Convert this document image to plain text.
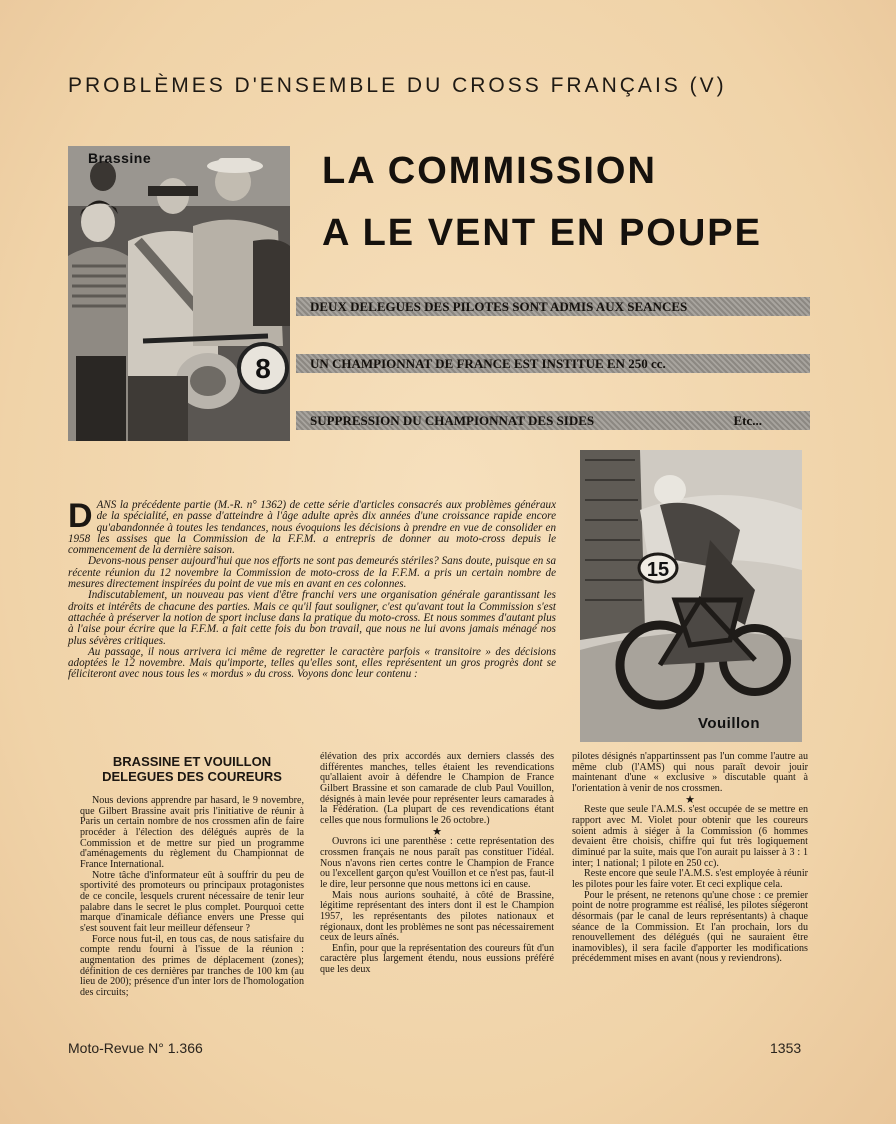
PROBLÈMES D'ENSEMBLE DU CROSS FRANÇAIS (V)
8
Brassine	LA COMMISSION
A LE VENT EN POUPE
DEUX DELEGUES DES PILOTES SONT ADMIS AUX SEANCES
UN CHAMPIONNAT DE FRANCE EST INSTITUE EN 250 cc.
SUPPRESSION DU CHAMPIONNAT DES SIDES	Etc...
15
Vouillon

DANS la précédente partie (M.-R. n° 1362) de cette série d'articles consacrés aux problèmes généraux de la spécialité, en passe d'atteindre à l'âge adulte après dix années d'une croissance rapide encore qu'abandonnée à toutes les tendances, nous évoquions les décisions à prendre en vue de consolider en 1958 les assises que la Commission de la F.F.M. a entrepris de donner au moto-cross depuis le commencement de la dernière saison.

Devons-nous penser aujourd'hui que nos efforts ne sont pas demeurés stériles? Sans doute, puisque en sa récente réunion du 12 novembre la Commission de moto-cross de la F.F.M. a pris un certain nombre de mesures directement inspirées du point de vue mis en avant en ces colonnes.

Indiscutablement, un nouveau pas vient d'être franchi vers une organisation générale garantissant les droits et intérêts de chacune des parties. Mais ce qu'il faut souligner, c'est qu'avant tout la Commission s'est attachée à préserver la notion de sport incluse dans la pratique du moto-cross. Et nous sommes d'autant plus à l'aise pour écrire que la F.F.M. a fait cette fois du bon travail, que nous ne lui avons jamais ménagé nos plus sévères critiques.

Au passage, il nous arrivera ici même de regretter le caractère parfois « transitoire » des décisions adoptées le 12 novembre. Mais qu'importe, telles qu'elles sont, elles représentent un gros progrès dont se féliciteront avec nous tous les « mordus » du cross. Voyons donc leur contenu :

BRASSINE ET VOUILLON DELEGUES DES COUREURS

Nous devions apprendre par hasard, le 9 novembre, que Gilbert Brassine avait pris l'initiative de réunir à Paris un certain nombre de nos crossmen afin de faire procéder à l'élection des délégués auprès de la Commission et de mettre sur pied un programme d'aménagements du règlement du Championnat de France International.

Notre tâche d'informateur eût à souffrir du peu de sportivité des promoteurs ou principaux protagonistes de ce concile, lesquels crurent nécessaire de tenir leur palabre dans le secret le plus complet. Pourquoi cette marque d'inamicale défiance envers une Presse qui s'est souvent fait leur meilleur défenseur ?

Force nous fut-il, en tous cas, de nous satisfaire du compte rendu fourni à l'issue de la réunion : augmentation des primes de déplacement (zones); définition de ces dernières par tranches de 100 km (au lieu de 200); présence d'un inter lors de l'homologation des circuits;

élévation des prix accordés aux derniers classés des différentes manches, telles étaient les revendications qu'allaient avoir à défendre le Champion de France Gilbert Brassine et son camarade de club Paul Vouillon, désignés à main levée pour représenter leurs camarades à la Fédération. (La plupart de ces revendications étant celles que nous formulions le 26 octobre.)

★

Ouvrons ici une parenthèse : cette représentation des crossmen français ne nous paraît pas constituer l'idéal. Nous n'avons rien certes contre le Champion de France ou l'excellent garçon qu'est Vouillon et ce n'est pas, faut-il le dire, leur personne que nous mettons ici en cause.

Mais nous aurions souhaité, à côté de Brassine, légitime représentant des inters dont il est le Champion 1957, les représentants des pilotes nationaux et régionaux, dont les problèmes ne sont pas nécessairement ceux de leurs aînés.

Enfin, pour que la représentation des coureurs fût d'un caractère plus largement étendu, nous eussions préféré que les deux

pilotes désignés n'appartinssent pas l'un comme l'autre au même club (l'AMS) qui nous paraît devoir jouir maintenant d'une « exclusive » discutable quant à l'orientation à venir de nos crossmen.

★

Reste que seule l'A.M.S. s'est occupée de se mettre en rapport avec M. Violet pour obtenir que les coureurs soient admis à siéger à la Commission (6 hommes devaient être choisis, chiffre qui fut très logiquement diminué par la suite, mais que l'on aurait pu laisser à 3 : 1 inter; 1 national; 1 pilote en 250 cc).

Reste encore que seule l'A.M.S. s'est employée à réunir les pilotes pour les faire voter. Et ceci explique cela.

Pour le présent, ne retenons qu'une chose : ce premier point de notre programme est réalisé, les pilotes siégeront désormais (par le canal de leurs représentants) à chaque séance de la Commission. Et l'an prochain, lors du renouvellement des délégués (qui ne sauraient être inamovibles), il sera facile d'apporter les modifications précédemment mises en avant (nous y reviendrons).

Moto-Revue N° 1.366	1353
